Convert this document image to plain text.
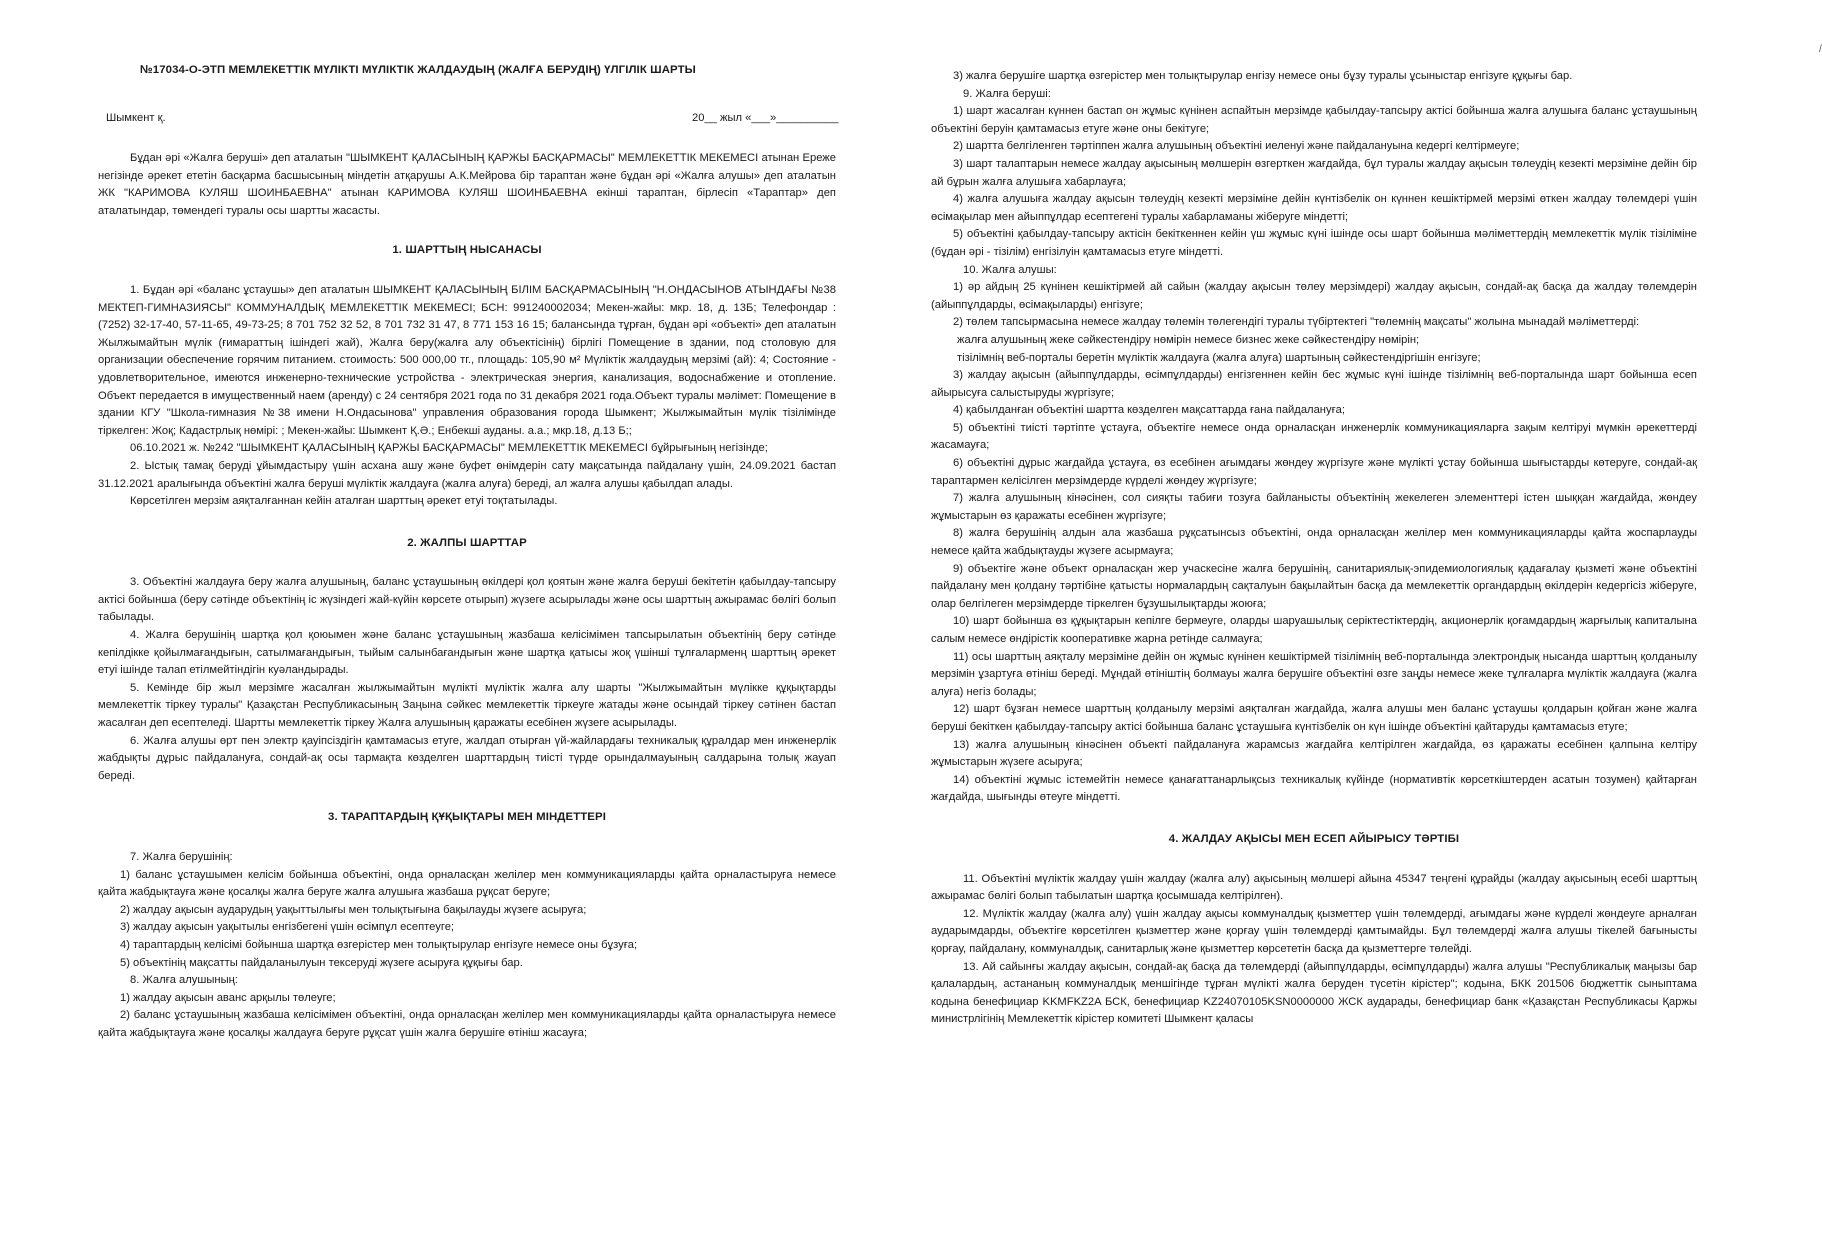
№17034-О-ЭТП МЕМЛЕКЕТТІК МҮЛІКТІ МҮЛІКТІК ЖАЛДАУДЫҢ (ЖАЛҒА БЕРУДІҢ) ҮЛГІЛІК ШАРТЫ
Шымкент қ.	20__ жыл «___»__________

Бұдан әрі «Жалға беруші» деп аталатын "ШЫМКЕНТ ҚАЛАСЫНЫҢ ҚАРЖЫ БАСҚАРМАСЫ" МЕМЛЕКЕТТІК МЕКЕМЕСІ атынан Ереже негізінде әрекет ететін басқарма басшысының міндетін атқарушы А.К.Мейрова бір тараптан және бұдан әрі «Жалға алушы» деп аталатын ЖК "КАРИМОВА КУЛЯШ ШОИНБАЕВНА" атынан КАРИМОВА КУЛЯШ ШОИНБАЕВНА екінші тараптан, бірлесіп «Тараптар» деп аталатындар, төмендегі туралы осы шартты жасасты.

1. ШАРТТЫҢ НЫСАНАСЫ

1. Бұдан әрі «баланс ұстаушы» деп аталатын ШЫМКЕНТ ҚАЛАСЫНЫҢ БІЛІМ БАСҚАРМАСЫНЫҢ "Н.ОНДАСЫНОВ АТЫНДАҒЫ №38 МЕКТЕП-ГИМНАЗИЯСЫ" КОММУНАЛДЫҚ МЕМЛЕКЕТТІК МЕКЕМЕСІ; БСН: 991240002034; Мекен-жайы: мкр. 18, д. 13Б; Телефондар : (7252) 32-17-40, 57-11-65, 49-73-25; 8 701 752 32 52, 8 701 732 31 47, 8 771 153 16 15; балансында тұрған, бұдан әрі «объекті» деп аталатын Жылжымайтын мүлік (ғимараттың ішіндегі жай), Жалға беру(жалға алу объектісінің) бірлігі Помещение в здании, под столовую для организации обеспечение горячим питанием. стоимость: 500 000,00 тг., площадь: 105,90 м² Мүліктік жалдаудың мерзімі (ай): 4; Состояние - удовлетворительное, имеются инженерно-технические устройства - электрическая энергия, канализация, водоснабжение и отопление. Объект передается в имущественный наем (аренду) с 24 сентября 2021 года по 31 декабря 2021 года.Объект туралы мәлімет: Помещение в здании КГУ "Школа-гимназия №38 имени Н.Ондасынова" управления образования города Шымкент; Жылжымайтын мүлік тізілімінде тіркелген: Жоқ; Кадастрлық нөмірі: ; Мекен-жайы: Шымкент Қ.Ә.; Енбекші ауданы. а.а.; мкр.18, д.13 Б;;

06.10.2021 ж. №242 "ШЫМКЕНТ ҚАЛАСЫНЫҢ ҚАРЖЫ БАСҚАРМАСЫ" МЕМЛЕКЕТТІК МЕКЕМЕСІ бұйрығының негізінде;

2. Ыстық тамақ беруді ұйымдастыру үшін асхана ашу және буфет өнімдерін сату мақсатында пайдалану үшін, 24.09.2021 бастап 31.12.2021 аралығында объектіні жалға беруші мүліктік жалдауға (жалға алуға) береді, ал жалға алушы қабылдап алады.

Көрсетілген мерзім аяқталғаннан кейін аталған шарттың әрекет етуі тоқтатылады.

2. ЖАЛПЫ ШАРТТАР

3. Объектіні жалдауға беру жалға алушының, баланс ұстаушының өкілдері қол қоятын және жалға беруші бекітетін қабылдау-тапсыру актісі бойынша (беру сәтінде объектінің іс жүзіндегі жай-күйін көрсете отырып) жүзеге асырылады және осы шарттың ажырамас бөлігі болып табылады.

4. Жалға берушінің шартқа қол қоюымен және баланс ұстаушының жазбаша келісімімен тапсырылатын объектінің беру сәтінде кепілдікке қойылмағандығын, сатылмағандығын, тыйым салынбағандығын және шартқа қатысы жоқ үшінші тұлғаларменң шарттың әрекет етуі ішінде талап етілмейтіндігін куәландырады.

5. Кемінде бір жыл мерзімге жасалған жылжымайтын мүлікті мүліктік жалға алу шарты "Жылжымайтын мүлікке құқықтарды мемлекеттік тіркеу туралы" Қазақстан Республикасының Заңына сәйкес мемлекеттік тіркеуге жатады және осындай тіркеу сәтінен бастап жасалған деп есептеледі. Шартты мемлекеттік тіркеу Жалға алушының қаражаты есебінен жүзеге асырылады.

6. Жалға алушы өрт пен электр қауіпсіздігін қамтамасыз етуге, жалдап отырған үй-жайлардағы техникалық құралдар мен инженерлік жабдықты дұрыс пайдалануға, сондай-ақ осы тармақта көзделген шарттардың тиісті түрде орындалмауының салдарына толық жауап береді.

3. ТАРАПТАРДЫҢ ҚҰҚЫҚТАРЫ МЕН МІНДЕТТЕРІ

7. Жалға берушінің:

1) баланс ұстаушымен келісім бойынша объектіні, онда орналасқан желілер мен коммуникацияларды қайта орналастыруға немесе қайта жабдықтауға және қосалқы жалға беруге жалға алушыға жазбаша рұқсат беруге;

2) жалдау ақысын аударудың уақыттылығы мен толықтығына бақылауды жүзеге асыруға;

3) жалдау ақысын уақытылы енгізбегені үшін өсімпұл есептеуге;

4) тараптардың келісімі бойынша шартқа өзгерістер мен толықтырулар енгізуге немесе оны бұзуға;

5) объектінің мақсатты пайдаланылуын тексеруді жүзеге асыруға құқығы бар.

8. Жалға алушының:

1) жалдау ақысын аванс арқылы төлеуге;

2) баланс ұстаушының жазбаша келісімімен объектіні, онда орналасқан желілер мен коммуникацияларды қайта орналастыруға немесе қайта жабдықтауға және қосалқы жалдауға беруге рұқсат үшін жалға берушіге өтініш жасауға;

/

3) жалға берушіге шартқа өзгерістер мен толықтырулар енгізу немесе оны бұзу туралы ұсыныстар енгізуге құқығы бар.

9. Жалға беруші:

1) шарт жасалған күннен бастап он жұмыс күнінен аспайтын мерзімде қабылдау-тапсыру актісі бойынша жалға алушыға баланс ұстаушының объектіні беруін қамтамасыз етуге және оны бекітуге;

2) шартта белгіленген тәртіппен жалға алушының объектіні иеленуі және пайдалануына кедергі келтірмеуге;

3) шарт талаптарын немесе жалдау ақысының мөлшерін өзгерткен жағдайда, бұл туралы жалдау ақысын төлеудің кезекті мерзіміне дейін бір ай бұрын жалға алушыға хабарлауға;

4) жалға алушыға жалдау ақысын төлеудің кезекті мерзіміне дейін күнтізбелік он күннен кешіктірмей мерзімі өткен жалдау төлемдері үшін өсімақылар мен айыппұлдар есептегені туралы хабарламаны жіберуге міндетті;

5) объектіні қабылдау-тапсыру актісін бекіткеннен кейін үш жұмыс күні ішінде осы шарт бойынша мәліметтердің мемлекеттік мүлік тізіліміне (бұдан әрі - тізілім) енгізілуін қамтамасыз етуге міндетті.

10. Жалға алушы:

1) әр айдың 25 күнінен кешіктірмей ай сайын (жалдау ақысын төлеу мерзімдері) жалдау ақысын, сондай-ақ басқа да жалдау төлемдерін (айыппұлдарды, өсімақыларды) енгізуге;

2) төлем тапсырмасына немесе жалдау төлемін төлегендігі туралы түбіртектегі "төлемнің мақсаты" жолына мынадай мәліметтерді:

жалға алушының жеке сәйкестендіру нөмірін немесе бизнес жеке сәйкестендіру нөмірін;

тізілімнің веб-порталы беретін мүліктік жалдауға (жалға алуға) шартының сәйкестендіргішін енгізуге;

3) жалдау ақысын (айыппұлдарды, өсімпұлдарды) енгізгеннен кейін бес жұмыс күні ішінде тізілімнің веб-порталында шарт бойынша есеп айырысуға салыстыруды жүргізуге;

4) қабылданған объектіні шартта көзделген мақсаттарда ғана пайдалануға;

5) объектіні тиісті тәртіпте ұстауға, объектіге немесе онда орналасқан инженерлік коммуникацияларға зақым келтіруі мүмкін әрекеттерді жасамауға;

6) объектіні дұрыс жағдайда ұстауға, өз есебінен ағымдағы жөндеу жүргізуге және мүлікті ұстау бойынша шығыстарды көтеруге, сондай-ақ тараптармен келісілген мерзімдерде күрделі жөндеу жүргізуге;

7) жалға алушының кінәсінен, сол сияқты табиғи тозуға байланысты объектінің жекелеген элементтері істен шыққан жағдайда, жөндеу жұмыстарын өз қаражаты есебінен жүргізуге;

8) жалға берушінің алдын ала жазбаша рұқсатынсыз объектіні, онда орналасқан желілер мен коммуникацияларды қайта жоспарлауды немесе қайта жабдықтауды жүзеге асырмауға;

9) объектіге және объект орналасқан жер учаскесіне жалға берушінің, санитариялық-эпидемиологиялық қадағалау қызметі және объектіні пайдалану мен қолдану тәртібіне қатысты нормалардың сақталуын бақылайтын басқа да мемлекеттік органдардың өкілдерін кедергісіз жіберуге, олар белгілеген мерзімдерде тіркелген бұзушылықтарды жоюға;

10) шарт бойынша өз құқықтарын кепілге бермеуге, оларды шаруашылық серіктестіктердің, акционерлік қоғамдардың жарғылық капиталына салым немесе өндірістік кооперативке жарна ретінде салмауға;

11) осы шарттың аяқталу мерзіміне дейін он жұмыс күнінен кешіктірмей тізілімнің веб-порталында электрондық нысанда шарттың қолданылу мерзімін ұзартуға өтініш береді. Мұндай өтініштің болмауы жалға берушіге объектіні өзге заңды немесе жеке тұлғаларға мүліктік жалдауға (жалға алуға) негіз болады;

12) шарт бұзған немесе шарттың қолданылу мерзімі аяқталған жағдайда, жалға алушы мен баланс ұстаушы қолдарын қойған және жалға беруші бекіткен қабылдау-тапсыру актісі бойынша баланс ұстаушыға күнтізбелік он күн ішінде объектіні қайтаруды қамтамасыз етуге;

13) жалға алушының кінәсінен объекті пайдалануға жарамсыз жағдайға келтірілген жағдайда, өз қаражаты есебінен қалпына келтіру жұмыстарын жүзеге асыруға;

14) объектіні жұмыс істемейтін немесе қанағаттанарлықсыз техникалық күйінде (нормативтік көрсеткіштерден асатын тозумен) қайтарған жағдайда, шығынды өтеуге міндетті.

4. ЖАЛДАУ АҚЫСЫ МЕН ЕСЕП АЙЫРЫСУ ТӘРТІБІ

11. Объектіні мүліктік жалдау үшін жалдау (жалға алу) ақысының мөлшері айына 45347 теңгені құрайды (жалдау ақысының есебі шарттың ажырамас бөлігі болып табылатын шартқа қосымшада келтірілген).

12. Мүліктік жалдау (жалға алу) үшін жалдау ақысы коммуналдық қызметтер үшін төлемдерді, ағымдағы және күрделі жөндеуге арналған аударымдарды, объектіге көрсетілген қызметтер және қорғау үшін төлемдерді қамтымайды. Бұл төлемдерді жалға алушы тікелей бағынысты қорғау, пайдалану, коммуналдық, санитарлық және қызметтер көрсететін басқа да қызметтерге төлейді.

13. Ай сайынғы жалдау ақысын, сондай-ақ басқа да төлемдерді (айыппұлдарды, өсімпұлдарды) жалға алушы "Республикалық маңызы бар қалалардың, астананың коммуналдық меншігінде тұрған мүлікті жалға беруден түсетін кірістер"; кодына, БКК 201506 бюджеттік сыныптама кодына бенефициар KKMFKZ2A БСК, бенефициар KZ24070105KSN0000000 ЖСК аударады, бенефициар банк «Қазақстан Республикасы Қаржы министрлігінің Мемлекеттік кірістер комитеті Шымкент қаласы
